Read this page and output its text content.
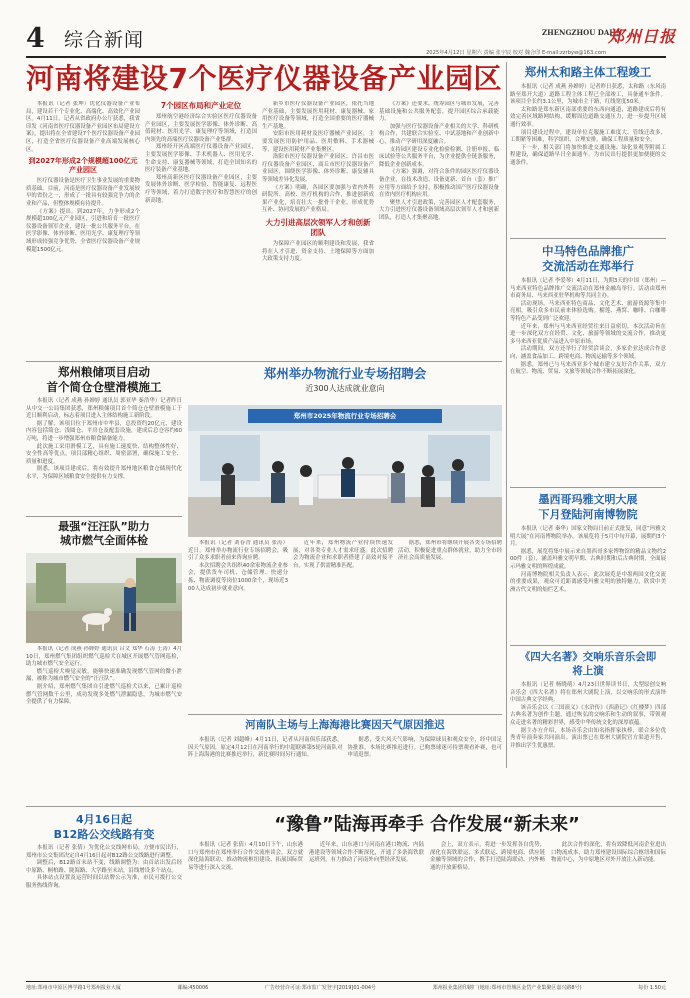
4 综合新闻	ZHENGZHOU DAILY
郑州日报
2025年4月12日 星期六 责编 张宇辰 校对 魏合印 E-mail:zzrbyw@163.com
河南将建设7个医疗仪器设备产业园区

本报讯（记者 张坤）优化仪器设备产业布局，建设若干个专业化、高端化、高效化产业园区。4月11日，记者从省政府办公厅获悉，我省印发《河南省医疗仪器设备产业园区布局建设方案》，提出将在全省建设7个医疗仪器设备产业园区，打造全省医疗仪器设备产业高端发展核心区。

到2027年形成2个规模超100亿元产业园区

医疗仪器设备是医疗卫生事业发展的重要物质基础。目前，河南是医疗仪器设备产业发展较早的省份之一，形成了一批具有较强竞争力的企业和产品，但整体规模有待提升。

《方案》提出，到2027年，力争形成2个规模超100亿元产业园区，引进和培育一批医疗仪器设备领军企业，建设一批公共服务平台，在医学影像、体外诊断、医用光学、康复理疗等领域形成较强竞争优势，全省医疗仪器设备产业规模超1500亿元。

7个园区布局和产业定位

郑州航空港经济综合实验区医疗仪器设备产业园区，主要发展医学影像、体外诊断、高值耗材、医用光学、康复理疗等领域，打造国内领先的高端医疗仪器设备产业集群。

郑州经开区高端医疗仪器设备产业园区，主要发展医学影像、手术机器人、医用光学、生命支持、康复器械等领域，打造全国知名的医疗装备产业基地。

郑州高新区医疗仪器设备产业园区，主要发展体外诊断、医学检验、智能康复、远程医疗等领域，着力打造数字医疗和智慧医疗的创新高地。

新乡市医疗仪器设备产业园区，依托当地产业基础，主要发展医用耗材、康复器械、家用医疗设备等领域，打造全国重要的医疗器械生产基地。

安阳市医用耗材及医疗器械产业园区，主要发展医用防护用品、医用敷料、手术器械等，建设医用耗材产业集聚区。

洛阳市医疗仪器设备产业园区、许昌市医疗仪器设备产业园区、商丘市医疗仪器设备产业园区，围绕医学影像、体外诊断、康复辅具等领域差异化发展。

《方案》明确，各园区要加强与省内外科研院所、高校、医疗机构的合作，推进创新成果产业化，培育壮大一批骨干企业，形成优势互补、协同发展的产业格局。

大力引进高层次领军人才和创新团队

为保障产业园区的顺利建设和发展，我省将在人才引进、资金支持、土地保障等方面加大政策支持力度。

《方案》还要求，统筹园区与城市发展，完善基础设施和公共服务配套，提升园区综合承载能力。

加强与医疗仪器设备产业相关的大学、科研机构合作，共建联合实验室、中试基地和产业创新中心，推动产学研用深度融合。

支持园区建设专业化检验检测、注册申报、临床试验等公共服务平台，为企业提供全链条服务，降低企业创新成本。

《方案》强调，对符合条件的园区医疗仪器设备企业，在技术改造、设备更新、首台（套）推广应用等方面给予支持，积极推动国产医疗仪器设备在省内医疗机构应用。

聚焦人才引进政策，完善园区人才配套服务，大力引进医疗仪器设备领域高层次领军人才和创新团队，打造人才集聚高地。

郑州太和路主体工程竣工

本报讯（记者 成燕 孙婵婷）记者昨日获悉，太和路（东风南路至郑开大道）道路工程主体工程已全部竣工，具备通车条件。该项目全长约3.1公里，为城市主干路，红线宽度50米。

太和路是郑东新区南部重要的东西向通道，道路建成后将有效完善区域路网结构，缓解周边道路交通压力，进一步提升区域通行效率。

项目建设过程中，建设单位克服施工难度大、管线迁改多、工期紧等困难，科学组织、合理安排，确保工程质量和安全。

下一步，相关部门将加快推进交通设施、绿化景观等附属工程建设，确保道路早日全面通车，为市民出行提供更加便捷的交通条件。

中马特色品牌推广
交流活动在郑举行

本报讯（记者 李爱琴）4月11日，为期3天的中国（郑州）—马来西亚特色品牌推广交流活动在郑州金融岛举行。活动由郑州市商务局、马来西亚驻华机构等共同主办。

活动现场，马来西亚特色商品、文化艺术、旅游资源等集中亮相，吸引众多市民前来体验选购。榴莲、燕窝、咖啡、白咖啡等特色产品受到广泛欢迎。

近年来，郑州与马来西亚经贸往来日益密切。本次活动旨在进一步深化双方在经贸、文化、旅游等领域的交流合作，推动更多马来西亚优质产品进入中原市场。

活动期间，双方还举行了经贸洽谈会，多家企业达成合作意向，涵盖食品加工、跨境电商、物流运输等多个领域。

据悉，郑州已与马来西亚多个城市建立友好合作关系，双方在航空、物流、贸易、文旅等领域合作不断拓展深化。

墨西哥玛雅文明大展
下月登陆河南博物院

本报讯（记者 秦华）国家文物局日前正式批复，同意“玛雅文明大展”在河南博物院举办。该展览将于5月中旬开幕，展期约3个月。

据悉，展览将集中展示来自墨西哥多家博物馆的精品文物约200件（套），涵盖玛雅文明早期、古典时期和后古典时期，全面展示玛雅文明的辉煌成就。

河南博物院相关负责人表示，此次展览是中墨两国文化交流的重要成果，观众可近距离感受玛雅文明的独特魅力，欣赏中美洲古代文明的灿烂艺术。

《四大名著》交响乐音乐会即将上演

本报讯（记者 杨晓萌）4月23日世界读书日，大型原创交响音乐会《四大名著》将在郑州大剧院上演，以交响乐的形式演绎中国古典文学经典。

该音乐会以《三国演义》《水浒传》《西游记》《红楼梦》四部古典名著为创作主题，通过恢弘的交响乐和生动的叙事，带领观众走进名著的精彩世界，感受中华传统文化的深厚底蕴。

据主办方介绍，本场音乐会由知名指挥家执棒，联合多位优秀青年演奏家共同演出。演出票已在郑州大剧院官方渠道开售，并推出学生优惠票。

郑州粮储项目启动
首个简仓仓壁滑模施工

本报讯（记者 成燕 孙婵婷 通讯员 郭亚华 秦浩华）记者昨日从中交一公局集团获悉，郑州粮储项目首个简仓仓壁滑模施工于近日顺利启动，标志着项目进入主体结构施工新阶段。

据了解，该项目位于郑州市中牟县，总投资约20亿元，建设内容包括简仓、浅圆仓、平房仓及配套设施，建成后总仓容约60万吨，将进一步增强郑州市粮食储备能力。

此次施工采用滑模工艺，具有施工速度快、结构整体性好、安全性高等优点。项目部精心组织、周密部署，确保施工安全、质量和进度。

据悉，该项目建成后，将有效提升郑州地区粮食仓储现代化水平，为保障区域粮食安全提供有力支撑。

最强“汪汪队”助力
城市燃气全面体检

本报讯（记者 成燕 孙婵婷 通讯员 吕文 郑华 石涛 王涛）4月10日，郑州燃气集团组织燃气巡检犬在城区开展燃气管网巡检，助力城市燃气安全运行。

燃气巡检犬嗅觉灵敏，能够快速准确发现燃气管网的微小泄漏，被称为城市燃气安全的“汪汪队”。

据介绍，郑州燃气集团自引进燃气巡检犬以来，已累计巡检燃气管网数千公里，成功发现多处燃气泄漏隐患，为城市燃气安全提供了有力保障。

郑州举办物流行业专场招聘会
近300人达成就业意向
郑州市2025年物流行业专场招聘会

本报讯（记者 刘春香 通讯员 张涛）近日，郑州举办物流行业专场招聘会，吸引了众多求职者前来咨询应聘。

本次招聘会共组织40余家物流企业参会，提供货车司机、仓储管理、快递分拣、物流调度等岗位1000余个，现场近300人达成初步就业意向。

近年来，郑州物流产业持续快速发展，对各类专业人才需求旺盛。此次招聘会为物流企业和求职者搭建了高效对接平台，实现了供需精准匹配。

据悉，郑州市将继续开展各类专场招聘活动，积极促进重点群体就业，助力全市经济社会高质量发展。

河南队主场与上海海港比赛因天气原因推迟

本报讯（记者 刘超峰）4月11日，记者从河南俱乐部获悉，因天气原因，原定4月12日在河南举行的中超联赛第5轮河南队对阵上海海港的比赛推迟举行，新比赛时间另行通知。

据悉，受大风天气影响，为保障球员和观众安全，经中国足协批准，本场比赛推迟进行。已购票球迷可持票观看补赛，也可申请退票。

4月16日起
B12路公交线路有变

本报讯（记者 张倩）为优化公交线网布局，方便市民出行，郑州市公交集团决定自4月16日起对B12路公交线路进行调整。

调整后，B12路首末站不变，线路调整为：由首站出发后经中原路、桐柏路、陇海路、大学路至末站，沿线增设多个站点。

具体站点设置及运营时间以站牌公示为准，市民可拨打公交服务热线咨询。

“豫鲁”陆海再牵手 合作发展“新未来”

本报讯（记者 张倩）4月10日下午，山东港口与郑州市在郑州举行合作交流座谈会，双方就深化陆海联动、推动物流枢纽建设、拓展国际贸易等进行深入交流。

近年来，山东港口与河南在港口物流、内陆港建设等领域合作不断深化，开通了多条海铁联运班列，有力推动了河南外向型经济发展。

会上，双方表示，将进一步发挥各自优势，深化在海铁联运、多式联运、跨境电商、供应链金融等领域的合作，携手打造陆海联动、内外畅通的开放新格局。

此次合作的深化，将有效降低河南企业进出口物流成本，助力郑州建设国际综合枢纽和国际物流中心，为中原地区对外开放注入新动能。

地址:郑州市中原区博学路1号郑州报业大厦	邮编:450006	广告经营许可证:郑市监广发登字[2019]01-004号	郑州报业集团印刷厂(地址:郑州市管城区金岱产业集聚区嘉兴路8号)	每份 1.50元
